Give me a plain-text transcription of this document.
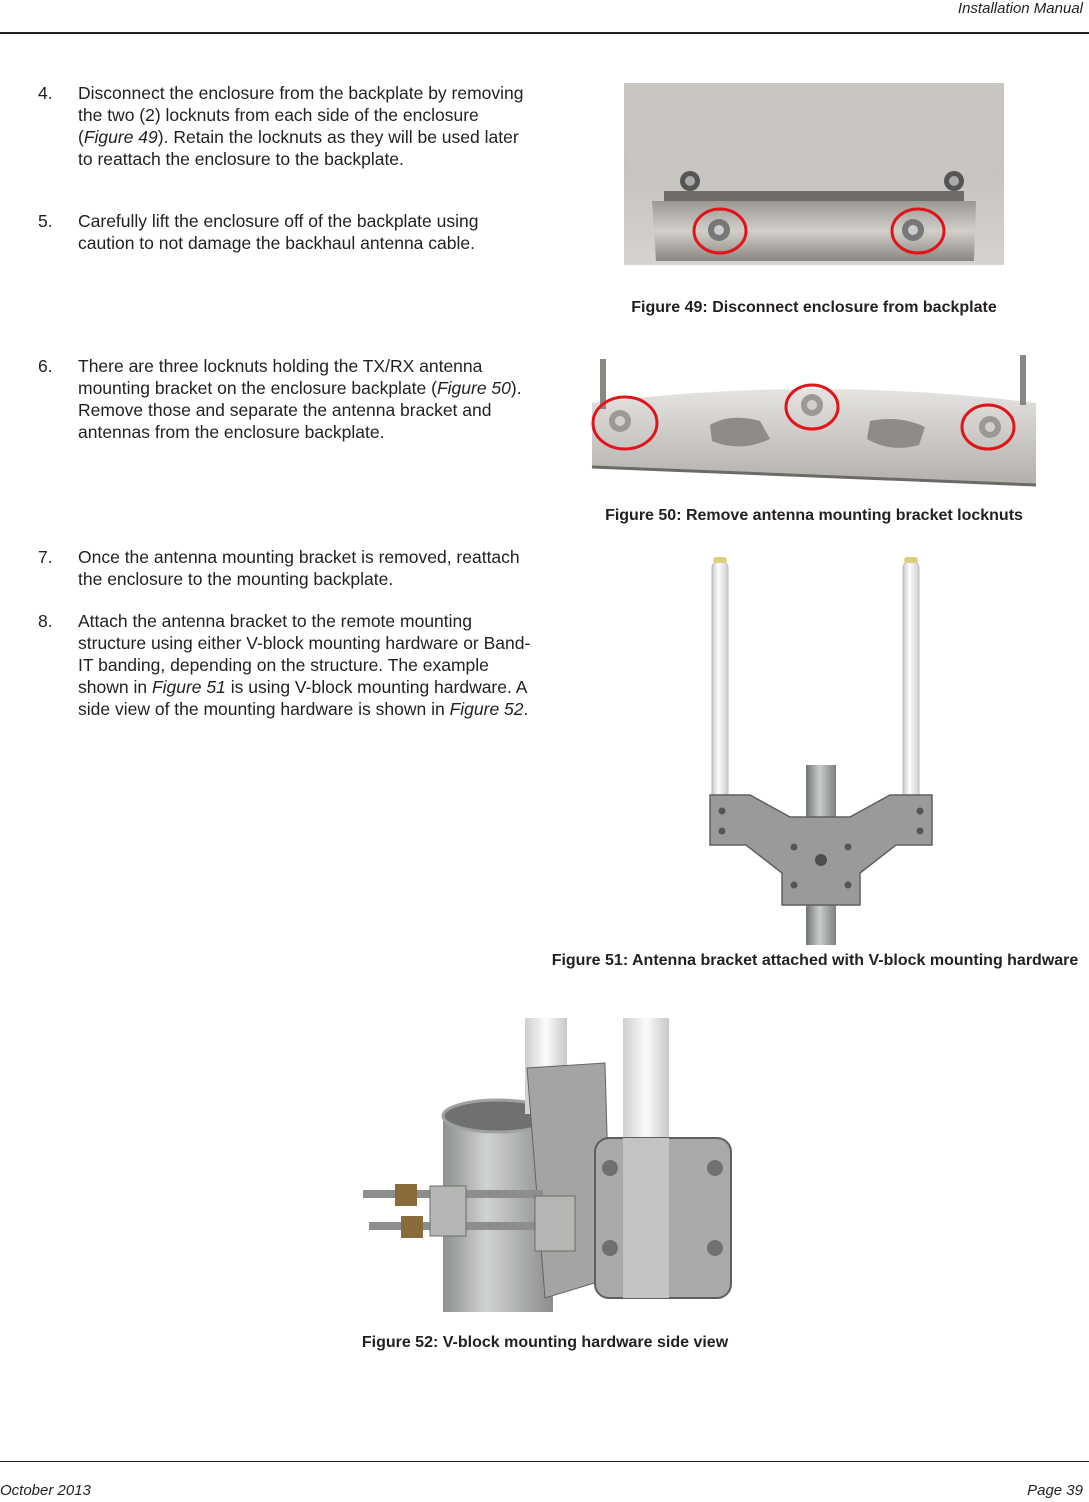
Installation Manual
4. Disconnect the enclosure from the backplate by removing the two (2) locknuts from each side of the enclosure (Figure 49). Retain the locknuts as they will be used later to reattach the enclosure to the backplate.
5. Carefully lift the enclosure off of the backplate using caution to not damage the backhaul antenna cable.
Figure 49: Disconnect enclosure from backplate
6. There are three locknuts holding the TX/RX antenna mounting bracket on the enclosure backplate (Figure 50). Remove those and separate the antenna bracket and antennas from the enclosure backplate.
Figure 50: Remove antenna mounting bracket locknuts
7. Once the antenna mounting bracket is removed, reattach the enclosure to the mounting backplate.
8. Attach the antenna bracket to the remote mounting structure using either V-block mounting hardware or Band-IT banding, depending on the structure. The example shown in Figure 51 is using V-block mounting hardware. A side view of the mounting hardware is shown in Figure 52.
Figure 51: Antenna bracket attached with V-block mounting hardware
Figure 52: V-block mounting hardware side view
October 2013	Page 39
